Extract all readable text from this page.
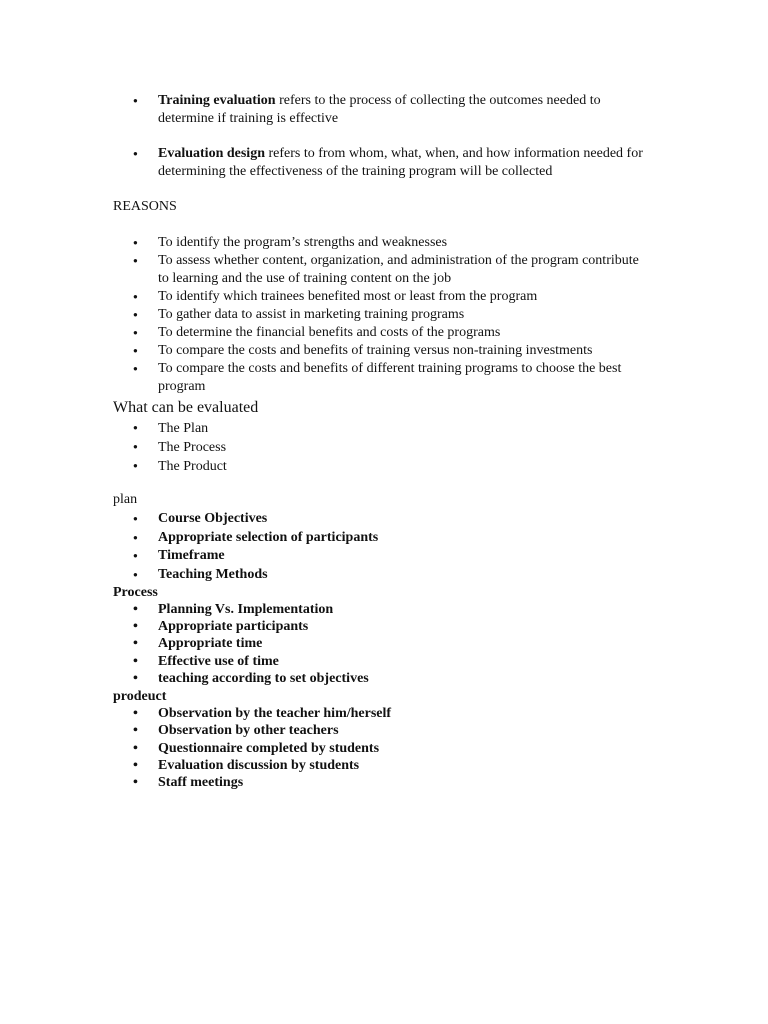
● Training evaluation refers to the process of collecting the outcomes needed to determine if training is effective
● Evaluation design refers to from whom, what, when, and how information needed for determining the effectiveness of the training program will be collected
REASONS
● To identify the program’s strengths and weaknesses
● To assess whether content, organization, and administration of the program contribute to learning and the use of training content on the job
● To identify which trainees benefited most or least from the program
● To gather data to assist in marketing training programs
● To determine the financial benefits and costs of the programs
● To compare the costs and benefits of training versus non-training investments
● To compare the costs and benefits of different training programs to choose the best program
What can be evaluated
● The Plan
● The Process
● The Product
plan
● Course Objectives
● Appropriate selection of participants
● Timeframe
● Teaching Methods
Process
• Planning Vs. Implementation
• Appropriate participants
• Appropriate time
• Effective use of time
• teaching according to set objectives
prodeuct
• Observation by the teacher him/herself
• Observation by other teachers
• Questionnaire completed by students
• Evaluation discussion by students
• Staff meetings
